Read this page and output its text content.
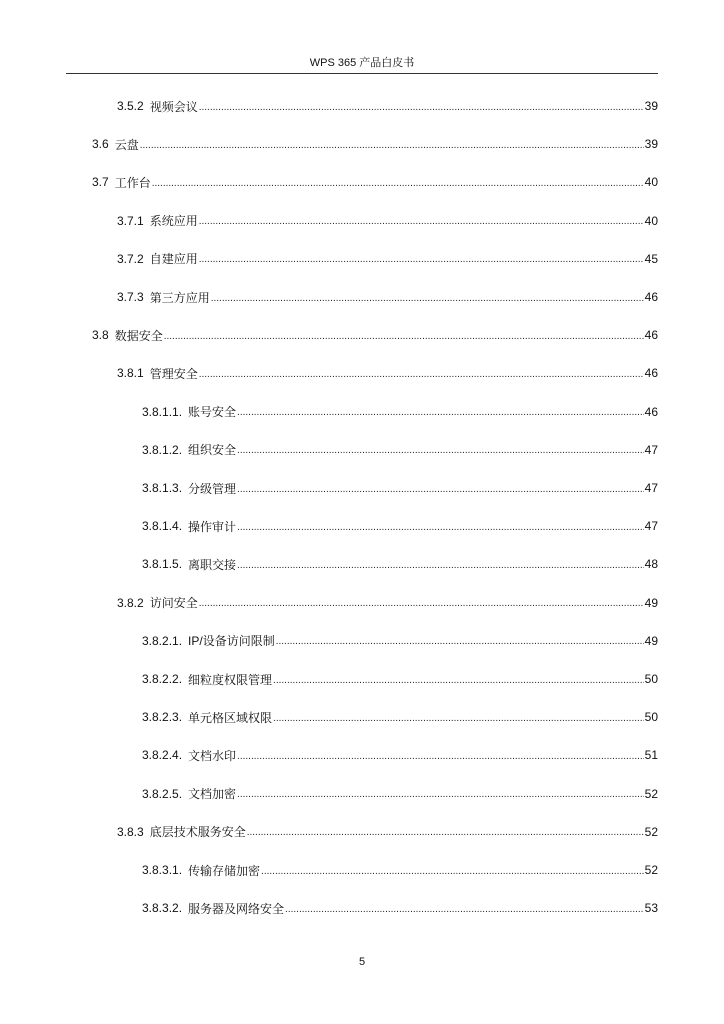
WPS 365 产品白皮书
3.5.2 视频会议 .....	39
3.6 云盘 .....	39
3.7 工作台 .....	40
3.7.1 系统应用 .....	40
3.7.2 自建应用 .....	45
3.7.3 第三方应用 .....	46
3.8 数据安全 .....	46
3.8.1 管理安全 .....	46
3.8.1.1. 账号安全 .....	46
3.8.1.2. 组织安全 .....	47
3.8.1.3. 分级管理 .....	47
3.8.1.4. 操作审计 .....	47
3.8.1.5. 离职交接 .....	48
3.8.2 访问安全 .....	49
3.8.2.1. IP/设备访问限制 .....	49
3.8.2.2. 细粒度权限管理 .....	50
3.8.2.3. 单元格区域权限 .....	50
3.8.2.4. 文档水印 .....	51
3.8.2.5. 文档加密 .....	52
3.8.3 底层技术服务安全 .....	52
3.8.3.1. 传输存储加密 .....	52
3.8.3.2. 服务器及网络安全 .....	53
5
